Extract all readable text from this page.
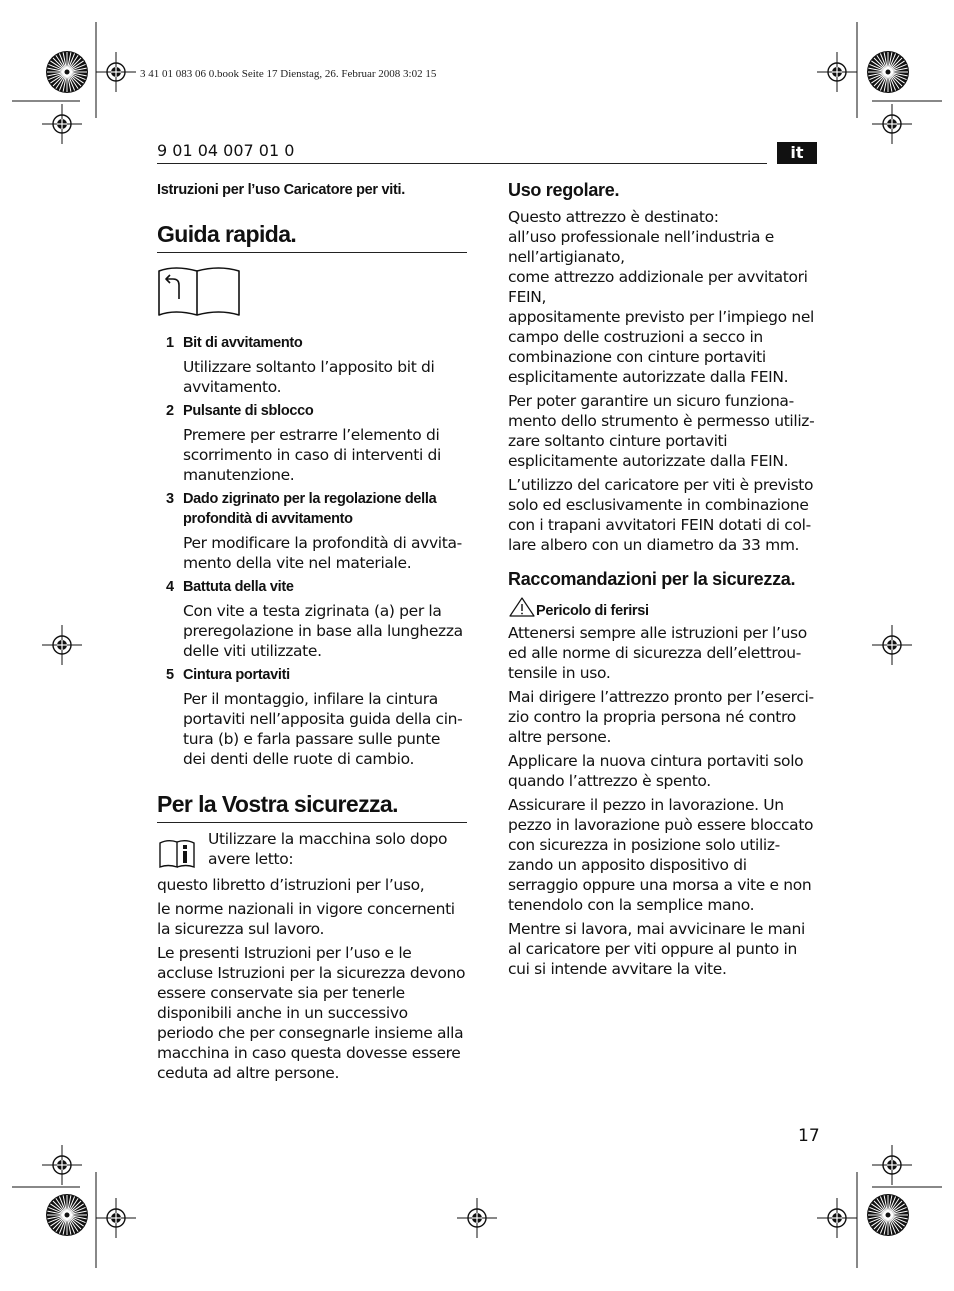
3 41 01 083 06 0.book Seite 17 Dienstag, 26. Februar 2008 3:02 15
9 01 04 007 01 0	it
Istruzioni per l’uso Caricatore per viti.
Guida rapida.
1 Bit di avvitamento
Utilizzare soltanto l’apposito bit di avvitamento.
2 Pulsante di sblocco
Premere per estrarre l’elemento di scorrimento in caso di interventi di manutenzione.
3 Dado zigrinato per la regolazione della profondità di avvitamento
Per modificare la profondità di avvitamento della vite nel materiale.
4 Battuta della vite
Con vite a testa zigrinata (a) per la preregolazione in base alla lunghezza delle viti utilizzate.
5 Cintura portaviti
Per il montaggio, infilare la cintura portaviti nell’apposita guida della cintura (b) e farla passare sulle punte dei denti delle ruote di cambio.
Per la Vostra sicurezza.
Utilizzare la macchina solo dopo avere letto:

questo libretto d’istruzioni per l’uso,

le norme nazionali in vigore concernenti la sicurezza sul lavoro.

Le presenti Istruzioni per l’uso e le accluse Istruzioni per la sicurezza devono essere conservate sia per tenerle disponibili anche in un successivo periodo che per consegnarle insieme alla macchina in caso questa dovesse essere ceduta ad altre persone.

Uso regolare.

Questo attrezzo è destinato:

all’uso professionale nell’industria e nell’artigianato,

come attrezzo addizionale per avvitatori FEIN,

appositamente previsto per l’impiego nel campo delle costruzioni a secco in combinazione con cinture portaviti esplicitamente autorizzate dalla FEIN.

Per poter garantire un sicuro funzionamento dello strumento è permesso utilizzare soltanto cinture portaviti esplicitamente autorizzate dalla FEIN.

L’utilizzo del caricatore per viti è previsto solo ed esclusivamente in combinazione con i trapani avvitatori FEIN dotati di collare albero con un diametro da 33 mm.

Raccomandazioni per la sicurezza.
Pericolo di ferirsi

Attenersi sempre alle istruzioni per l’uso ed alle norme di sicurezza dell’elettroutensile in uso.

Mai dirigere l’attrezzo pronto per l’esercizio contro la propria persona né contro altre persone.

Applicare la nuova cintura portaviti solo quando l’attrezzo è spento.

Assicurare il pezzo in lavorazione. Un pezzo in lavorazione può essere bloccato con sicurezza in posizione solo utilizzando un apposito dispositivo di serraggio oppure una morsa a vite e non tenendolo con la semplice mano.

Mentre si lavora, mai avvicinare le mani al caricatore per viti oppure al punto in cui si intende avvitare la vite.

17
